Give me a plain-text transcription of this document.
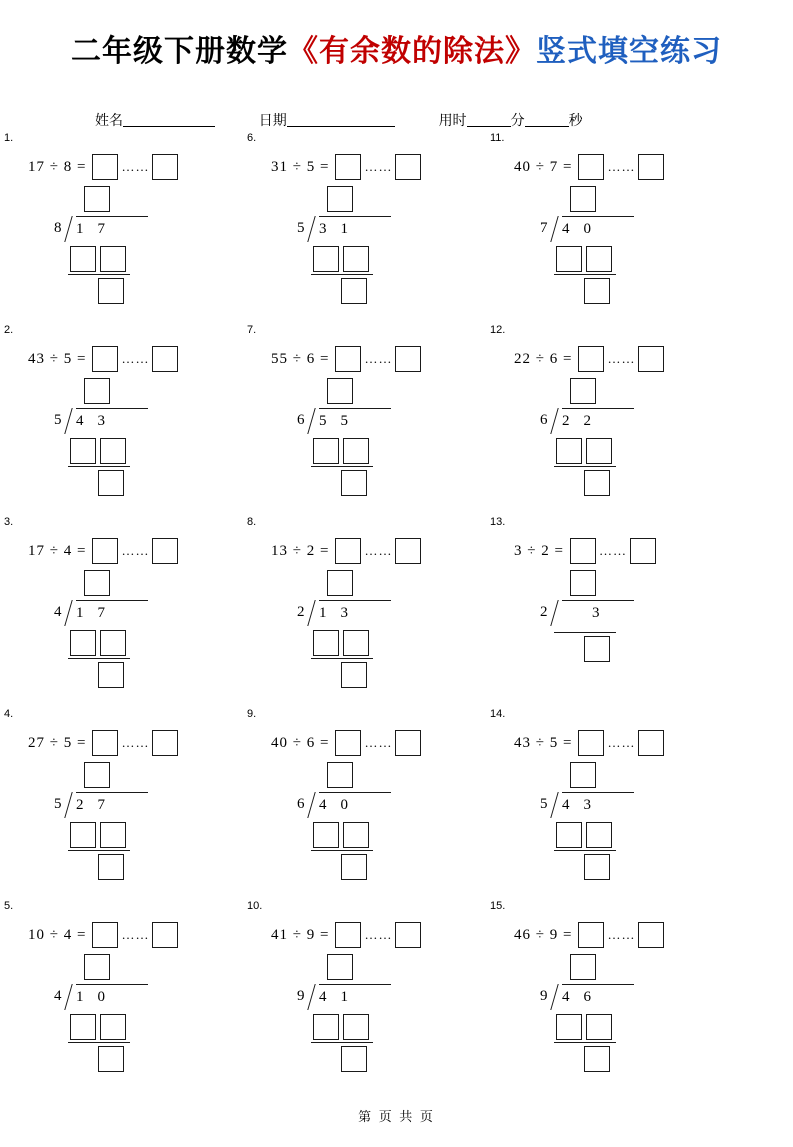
二年级下册数学《有余数的除法》竖式填空练习
姓名	日期	用时	分	秒
1.
17 ÷ 8 =	……
8 17
6.
31 ÷ 5 =	……
5 31
11.
40 ÷ 7 =	……
7 40
2.
43 ÷ 5 =	……
5 43
7.
55 ÷ 6 =	……
6 55
12.
22 ÷ 6 =	……
6 22
3.
17 ÷ 4 =	……
4 17
8.
13 ÷ 2 =	……
2 13
13.
3 ÷ 2 =	……
2	3
4.
27 ÷ 5 =	……
5 27
9.
40 ÷ 6 =	……
6 40
14.
43 ÷ 5 =	……
5 43
5.
10 ÷ 4 =	……
4 10
10.
41 ÷ 9 =	……
9 41
15.
46 ÷ 9 =	……
9 46
第 页 共 页
